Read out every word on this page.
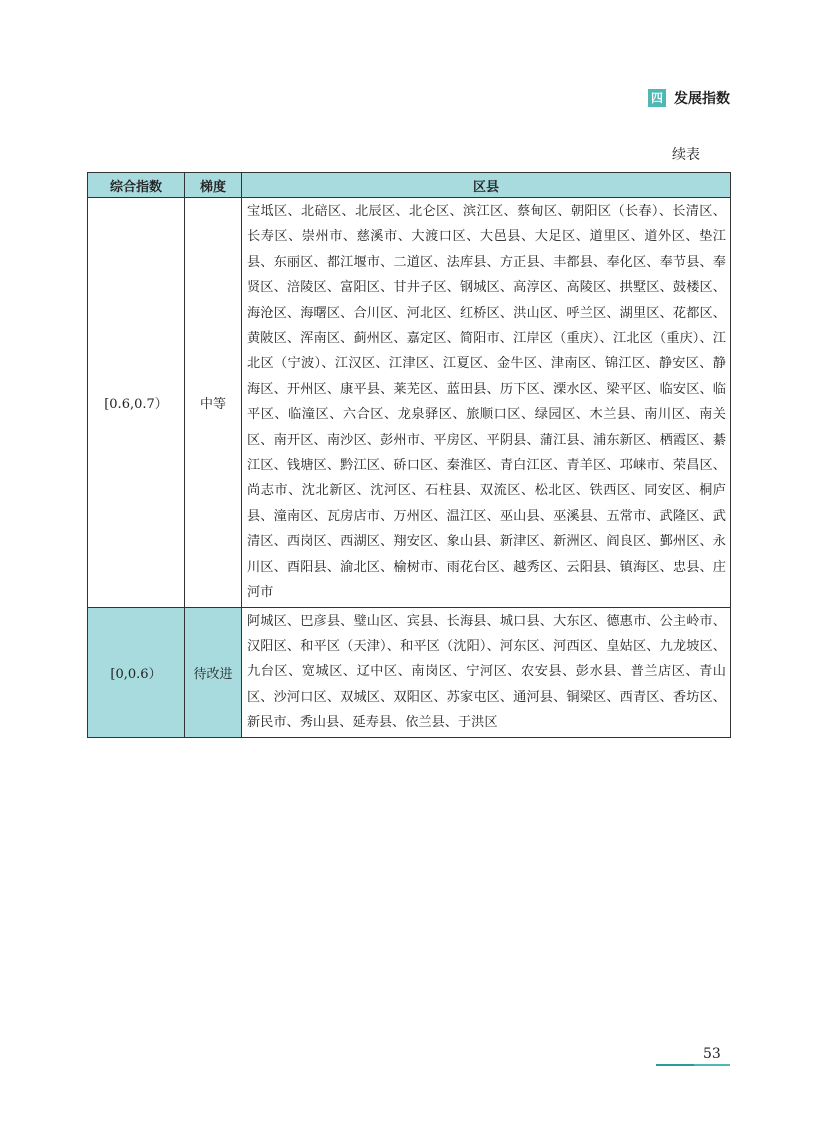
四 发展指数
续表
综合指数	梯度	区县
[0.6,0.7）	中等	宝坻区、北碚区、北辰区、北仑区、滨江区、蔡甸区、朝阳区（长春）、长清区、长寿区、崇州市、慈溪市、大渡口区、大邑县、大足区、道里区、道外区、垫江县、东丽区、都江堰市、二道区、法库县、方正县、丰都县、奉化区、奉节县、奉贤区、涪陵区、富阳区、甘井子区、钢城区、高淳区、高陵区、拱墅区、鼓楼区、海沧区、海曙区、合川区、河北区、红桥区、洪山区、呼兰区、湖里区、花都区、黄陂区、浑南区、蓟州区、嘉定区、简阳市、江岸区（重庆）、江北区（重庆）、江北区（宁波）、江汉区、江津区、江夏区、金牛区、津南区、锦江区、静安区、静海区、开州区、康平县、莱芜区、蓝田县、历下区、溧水区、梁平区、临安区、临平区、临潼区、六合区、龙泉驿区、旅顺口区、绿园区、木兰县、南川区、南关区、南开区、南沙区、彭州市、平房区、平阴县、蒲江县、浦东新区、栖霞区、綦江区、钱塘区、黔江区、硚口区、秦淮区、青白江区、青羊区、邛崃市、荣昌区、尚志市、沈北新区、沈河区、石柱县、双流区、松北区、铁西区、同安区、桐庐县、潼南区、瓦房店市、万州区、温江区、巫山县、巫溪县、五常市、武隆区、武清区、西岗区、西湖区、翔安区、象山县、新津区、新洲区、阎良区、鄞州区、永川区、酉阳县、渝北区、榆树市、雨花台区、越秀区、云阳县、镇海区、忠县、庄河市
[0,0.6）	待改进	阿城区、巴彦县、璧山区、宾县、长海县、城口县、大东区、德惠市、公主岭市、汉阳区、和平区（天津）、和平区（沈阳）、河东区、河西区、皇姑区、九龙坡区、九台区、宽城区、辽中区、南岗区、宁河区、农安县、彭水县、普兰店区、青山区、沙河口区、双城区、双阳区、苏家屯区、通河县、铜梁区、西青区、香坊区、新民市、秀山县、延寿县、依兰县、于洪区
53
